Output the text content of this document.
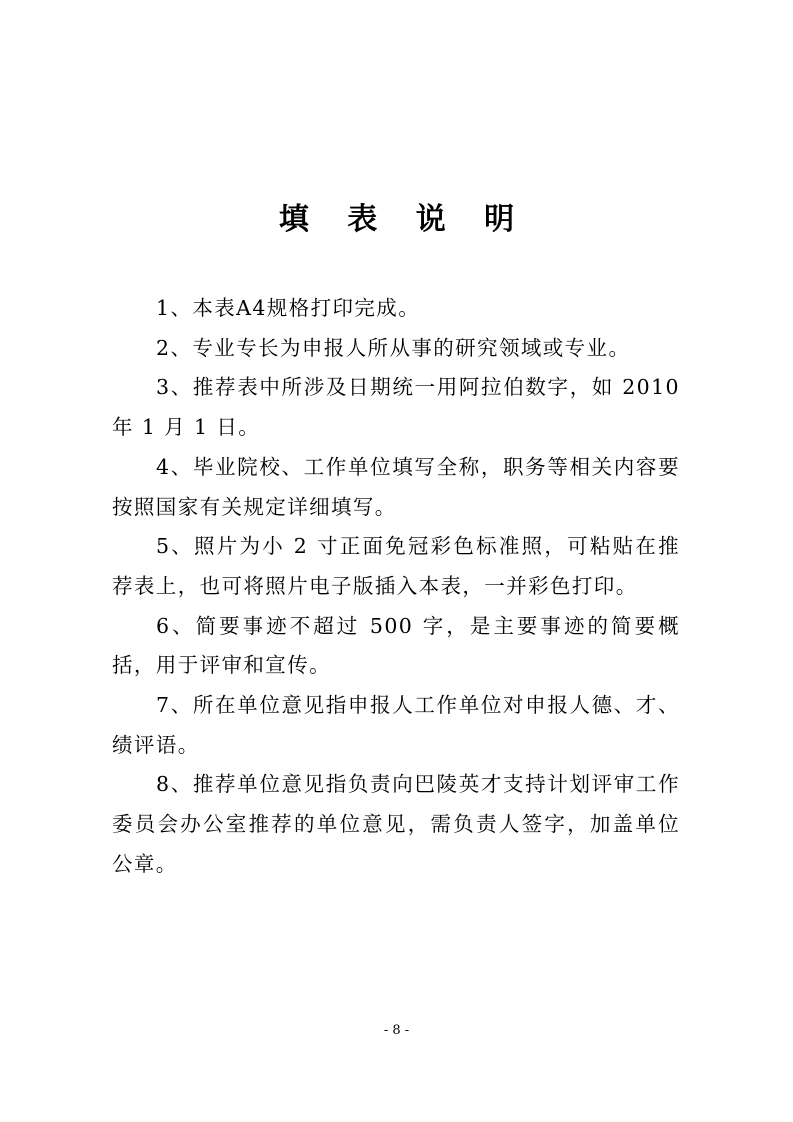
填 表 说 明

1、本表A4规格打印完成。

2、专业专长为申报人所从事的研究领域或专业。

3、推荐表中所涉及日期统一用阿拉伯数字，如 2010 年 1 月 1 日。

4、毕业院校、工作单位填写全称，职务等相关内容要按照国家有关规定详细填写。

5、照片为小 2 寸正面免冠彩色标准照，可粘贴在推荐表上，也可将照片电子版插入本表，一并彩色打印。

6、简要事迹不超过 500 字，是主要事迹的简要概括，用于评审和宣传。

7、所在单位意见指申报人工作单位对申报人德、才、绩评语。

8、推荐单位意见指负责向巴陵英才支持计划评审工作委员会办公室推荐的单位意见，需负责人签字，加盖单位公章。

- 8 -
